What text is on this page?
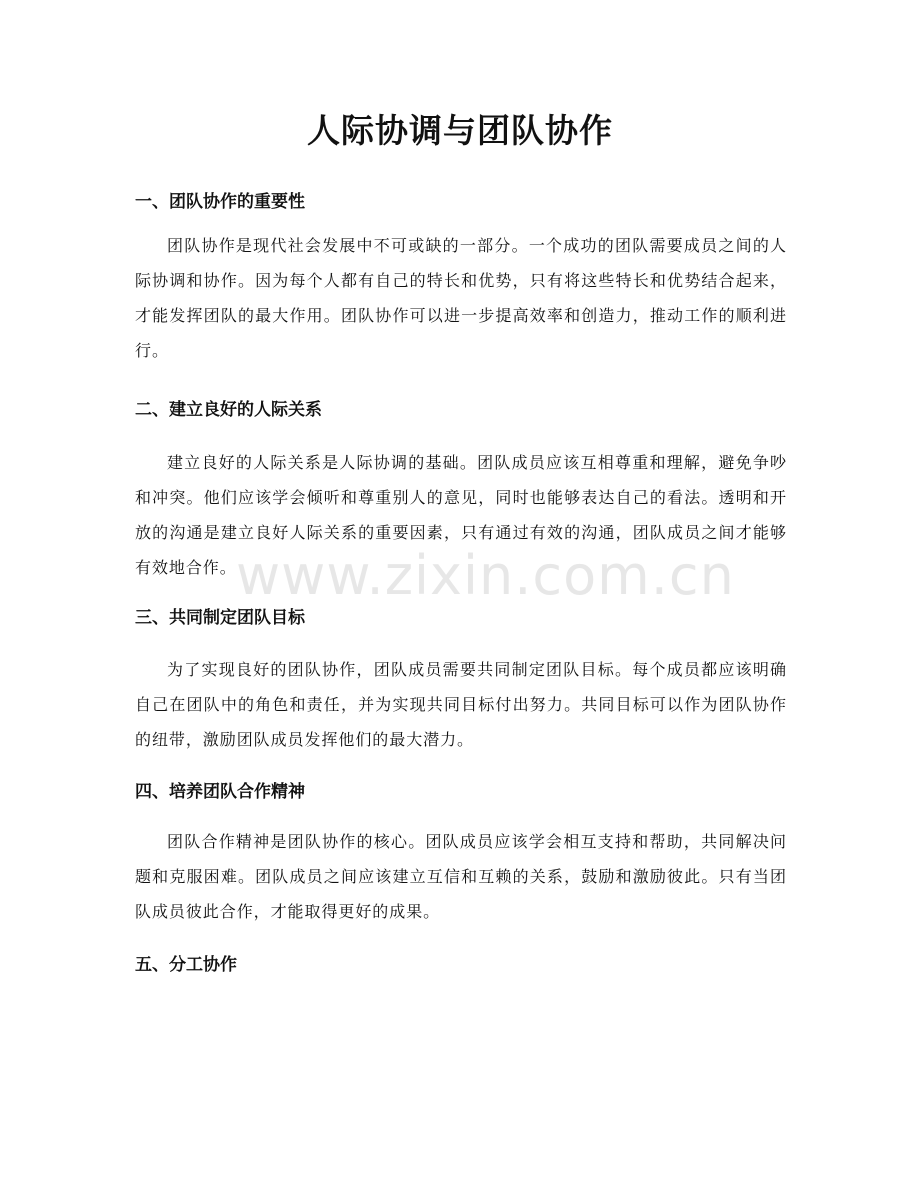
人际协调与团队协作
一、团队协作的重要性

团队协作是现代社会发展中不可或缺的一部分。一个成功的团队需要成员之间的人际协调和协作。因为每个人都有自己的特长和优势，只有将这些特长和优势结合起来，才能发挥团队的最大作用。团队协作可以进一步提高效率和创造力，推动工作的顺利进行。

二、建立良好的人际关系

建立良好的人际关系是人际协调的基础。团队成员应该互相尊重和理解，避免争吵和冲突。他们应该学会倾听和尊重别人的意见，同时也能够表达自己的看法。透明和开放的沟通是建立良好人际关系的重要因素，只有通过有效的沟通，团队成员之间才能够有效地合作。

三、共同制定团队目标

为了实现良好的团队协作，团队成员需要共同制定团队目标。每个成员都应该明确自己在团队中的角色和责任，并为实现共同目标付出努力。共同目标可以作为团队协作的纽带，激励团队成员发挥他们的最大潜力。

四、培养团队合作精神

团队合作精神是团队协作的核心。团队成员应该学会相互支持和帮助，共同解决问题和克服困难。团队成员之间应该建立互信和互赖的关系，鼓励和激励彼此。只有当团队成员彼此合作，才能取得更好的成果。

五、分工协作
www.zixin.com.cn
